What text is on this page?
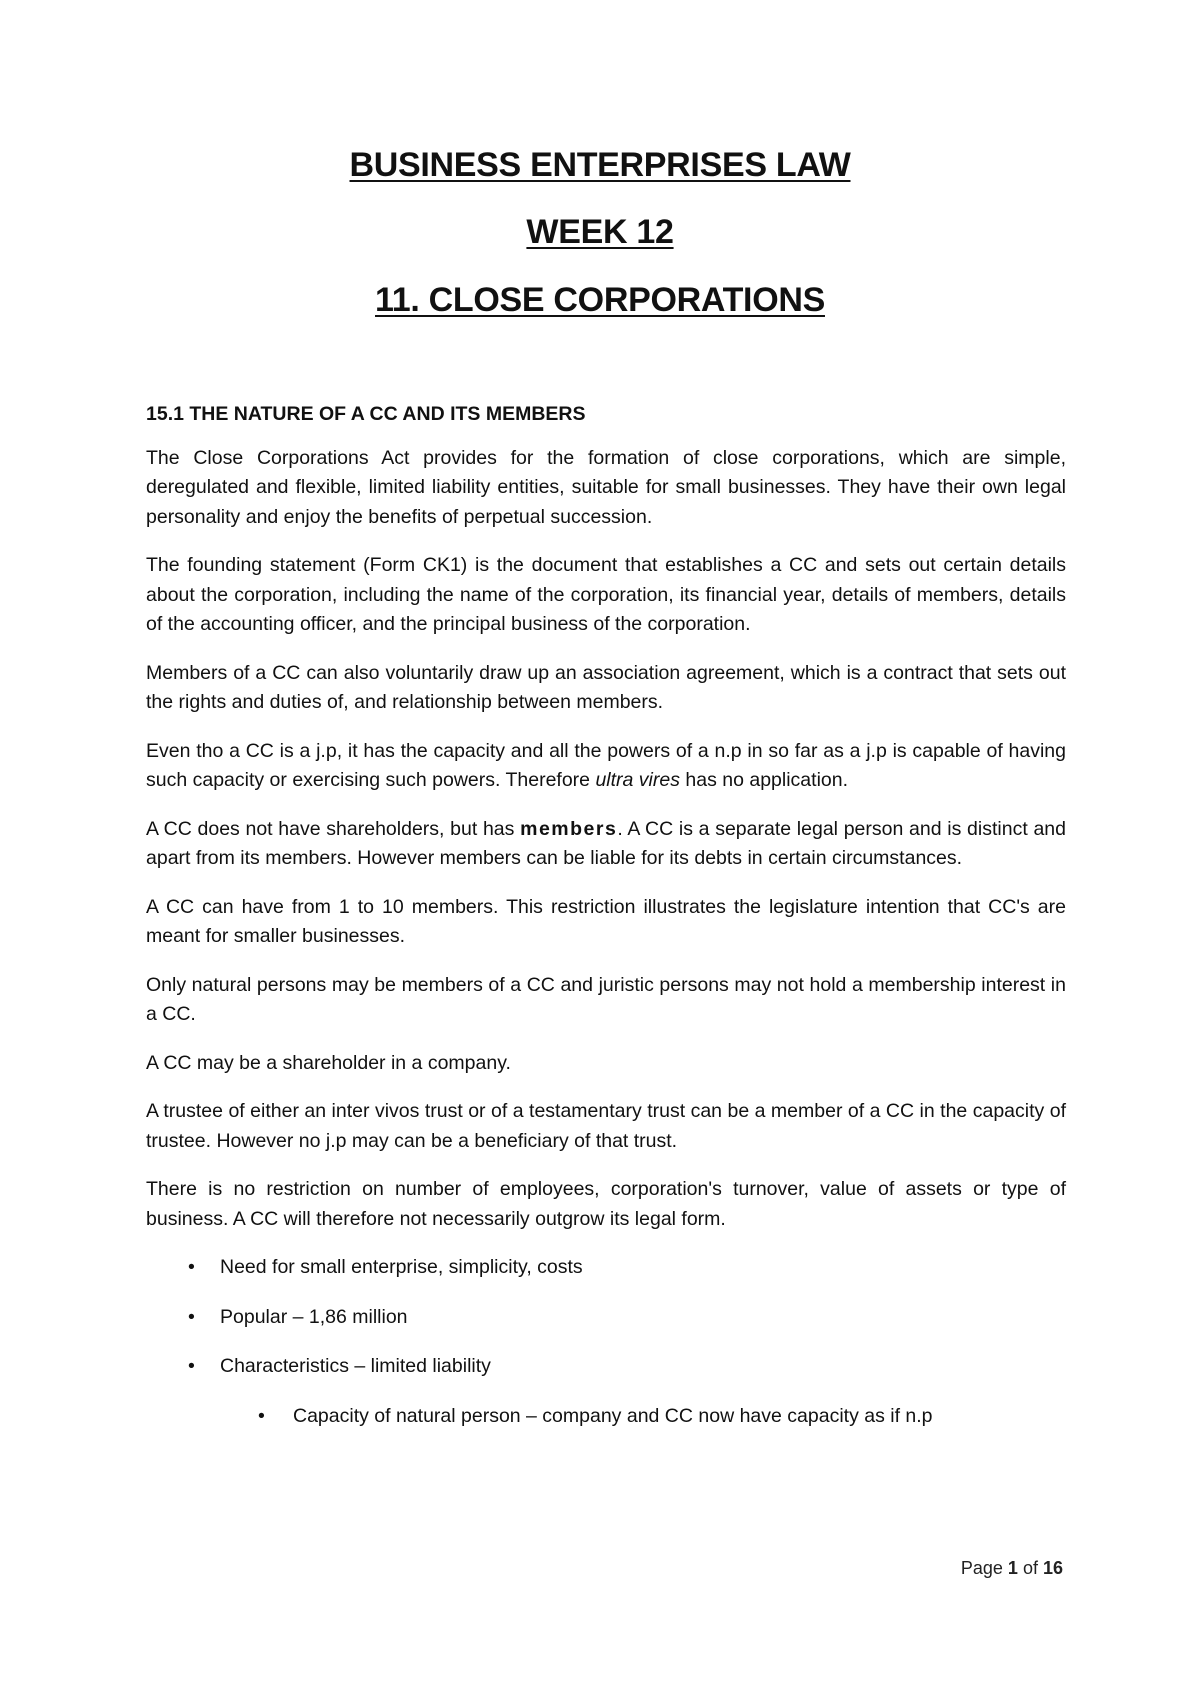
BUSINESS ENTERPRISES LAW
WEEK 12
11. CLOSE CORPORATIONS
15.1 THE NATURE OF A CC AND ITS MEMBERS

The Close Corporations Act provides for the formation of close corporations, which are simple, deregulated and flexible, limited liability entities, suitable for small businesses. They have their own legal personality and enjoy the benefits of perpetual succession.

The founding statement (Form CK1) is the document that establishes a CC and sets out certain details about the corporation, including the name of the corporation, its financial year, details of members, details of the accounting officer, and the principal business of the corporation.

Members of a CC can also voluntarily draw up an association agreement, which is a contract that sets out the rights and duties of, and relationship between members.

Even tho a CC is a j.p, it has the capacity and all the powers of a n.p in so far as a j.p is capable of having such capacity or exercising such powers. Therefore ultra vires has no application.

A CC does not have shareholders, but has members. A CC is a separate legal person and is distinct and apart from its members. However members can be liable for its debts in certain circumstances.

A CC can have from 1 to 10 members. This restriction illustrates the legislature intention that CC's are meant for smaller businesses.

Only natural persons may be members of a CC and juristic persons may not hold a membership interest in a CC.

A CC may be a shareholder in a company.

A trustee of either an inter vivos trust or of a testamentary trust can be a member of a CC in the capacity of trustee. However no j.p may can be a beneficiary of that trust.

There is no restriction on number of employees, corporation's turnover, value of assets or type of business. A CC will therefore not necessarily outgrow its legal form.

• Need for small enterprise, simplicity, costs
• Popular – 1,86 million
• Characteristics – limited liability
• Capacity of natural person – company and CC now have capacity as if n.p
Page 1 of 16
